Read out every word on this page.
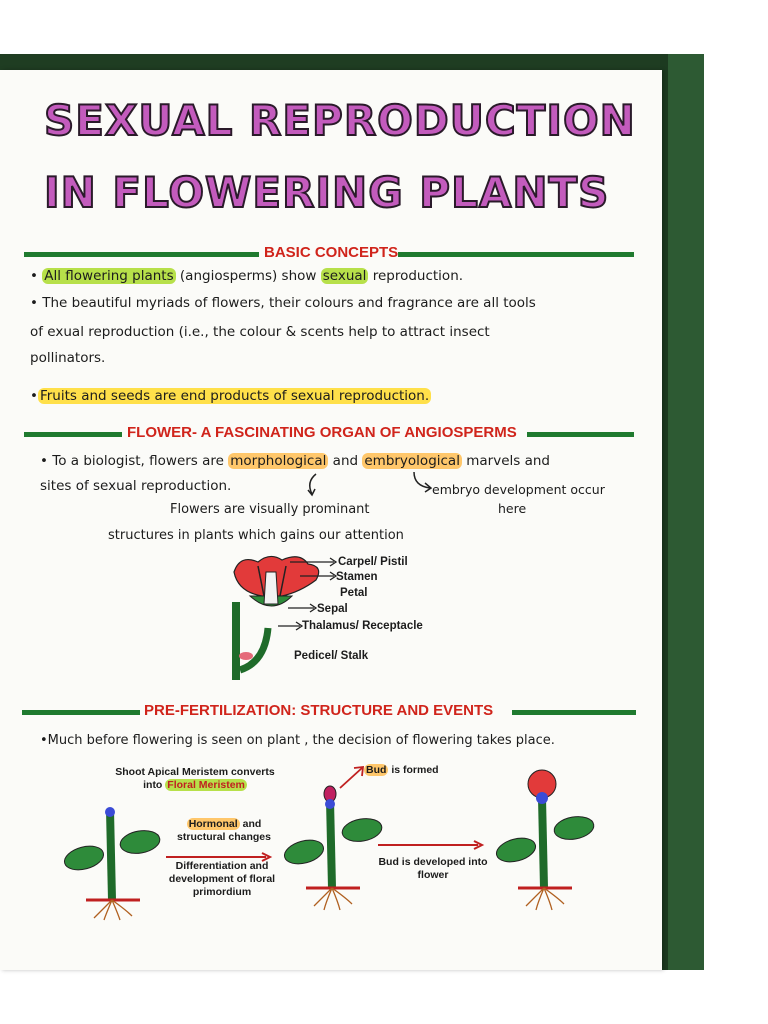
SEXUAL REPRODUCTION
IN FLOWERING PLANTS
BASIC CONCEPTS
• All flowering plants (angiosperms) show sexual reproduction.
• The beautiful myriads of flowers, their colours and fragrance are all tools
of exual reproduction (i.e., the colour & scents help to attract insect
pollinators.
• Fruits and seeds are end products of sexual reproduction.
FLOWER- A FASCINATING ORGAN OF ANGIOSPERMS
• To a biologist, flowers are morphological and embryological marvels and
sites of sexual reproduction.	embryo development occur
here
Flowers are visually prominant
structures in plants which gains our attention
Carpel/ Pistil
Stamen
Petal
Sepal
Thalamus/ Receptacle
Pedicel/ Stalk
PRE-FERTILIZATION: STRUCTURE AND EVENTS
•Much before flowering is seen on plant , the decision of flowering takes place.
Shoot Apical Meristem converts
into Floral Meristem
Hormonal and
structural changes
Differentiation and
development of floral
primordium
Bud is formed
Bud is developed into
flower
